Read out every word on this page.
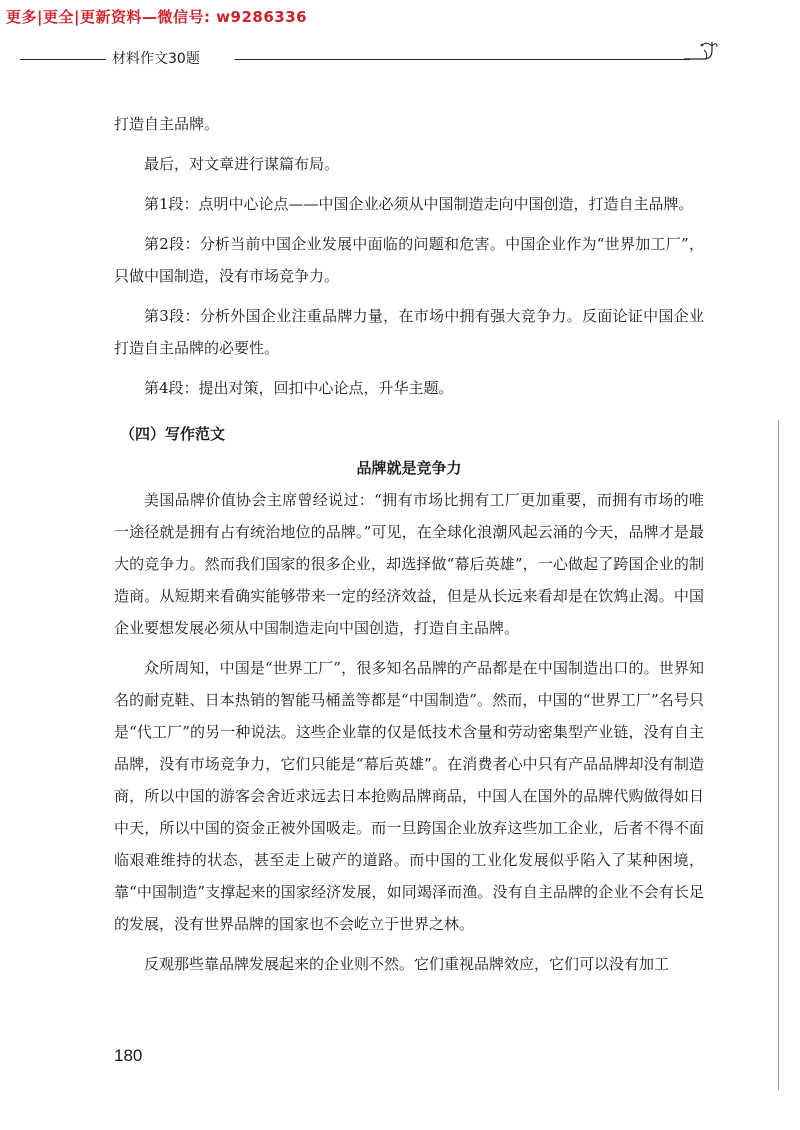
更多|更全|更新资料—微信号: w9286336
材料作文30题

打造自主品牌。

最后，对文章进行谋篇布局。

第1段：点明中心论点——中国企业必须从中国制造走向中国创造，打造自主品牌。

第2段：分析当前中国企业发展中面临的问题和危害。中国企业作为“世界加工厂”，只做中国制造，没有市场竞争力。

第3段：分析外国企业注重品牌力量，在市场中拥有强大竞争力。反面论证中国企业打造自主品牌的必要性。

第4段：提出对策，回扣中心论点，升华主题。

（四）写作范文

品牌就是竞争力

美国品牌价值协会主席曾经说过：“拥有市场比拥有工厂更加重要，而拥有市场的唯一途径就是拥有占有统治地位的品牌。”可见，在全球化浪潮风起云涌的今天，品牌才是最大的竞争力。然而我们国家的很多企业，却选择做“幕后英雄”，一心做起了跨国企业的制造商。从短期来看确实能够带来一定的经济效益，但是从长远来看却是在饮鸩止渴。中国企业要想发展必须从中国制造走向中国创造，打造自主品牌。

众所周知，中国是“世界工厂”，很多知名品牌的产品都是在中国制造出口的。世界知名的耐克鞋、日本热销的智能马桶盖等都是“中国制造”。然而，中国的“世界工厂”名号只是“代工厂”的另一种说法。这些企业靠的仅是低技术含量和劳动密集型产业链，没有自主品牌，没有市场竞争力，它们只能是“幕后英雄”。在消费者心中只有产品品牌却没有制造商，所以中国的游客会舍近求远去日本抢购品牌商品，中国人在国外的品牌代购做得如日中天，所以中国的资金正被外国吸走。而一旦跨国企业放弃这些加工企业，后者不得不面临艰难维持的状态，甚至走上破产的道路。而中国的工业化发展似乎陷入了某种困境，靠“中国制造”支撑起来的国家经济发展，如同竭泽而渔。没有自主品牌的企业不会有长足的发展，没有世界品牌的国家也不会屹立于世界之林。

反观那些靠品牌发展起来的企业则不然。它们重视品牌效应，它们可以没有加工

180
